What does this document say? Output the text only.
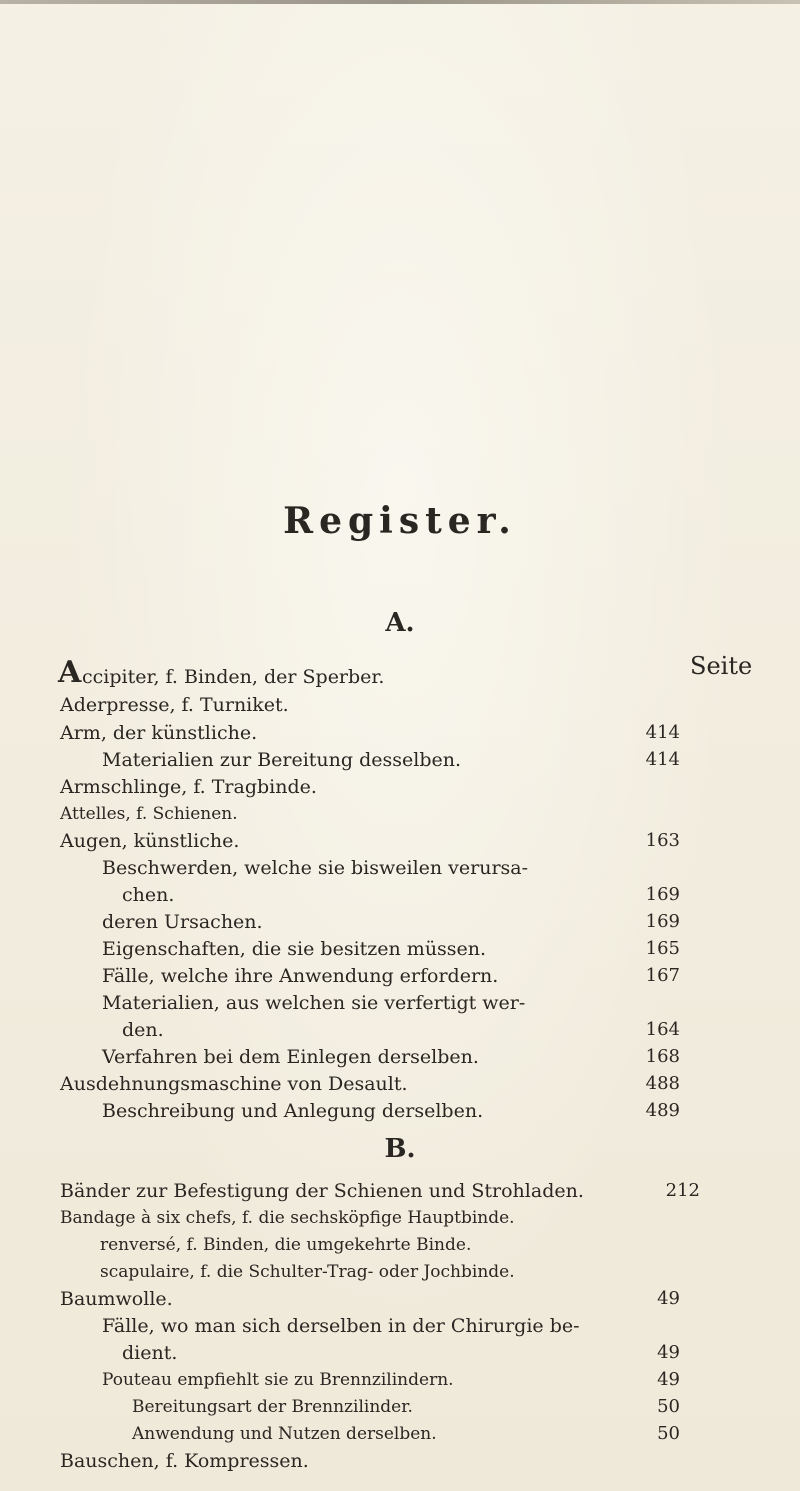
Register.
A.
Seite
A ccipiter, f. Binden, der Sperber.
Aderpresse, f. Turniket.
Arm, der künstliche.	414
Materialien zur Bereitung desselben.	414
Armschlinge, f. Tragbinde.
Attelles, f. Schienen.
Augen, künstliche.	163
Beschwerden, welche sie bisweilen verursa-
chen.	169
deren Ursachen.	169
Eigenschaften, die sie besitzen müssen.	165
Fälle, welche ihre Anwendung erfordern.	167
Materialien, aus welchen sie verfertigt wer-
den.	164
Verfahren bei dem Einlegen derselben.	168
Ausdehnungsmaschine von Desault.	488
Beschreibung und Anlegung derselben.	489
B.
Bänder zur Befestigung der Schienen und Strohladen.	212
Bandage à six chefs, f. die sechsköpfige Hauptbinde.
renversé, f. Binden, die umgekehrte Binde.
scapulaire, f. die Schulter-Trag- oder Jochbinde.
Baumwolle.	49
Fälle, wo man sich derselben in der Chirurgie be-
dient.	49
Pouteau empfiehlt sie zu Brennzilindern.	49
Bereitungsart der Brennzilinder.	50
Anwendung und Nutzen derselben.	50
Bauschen, f. Kompressen.
